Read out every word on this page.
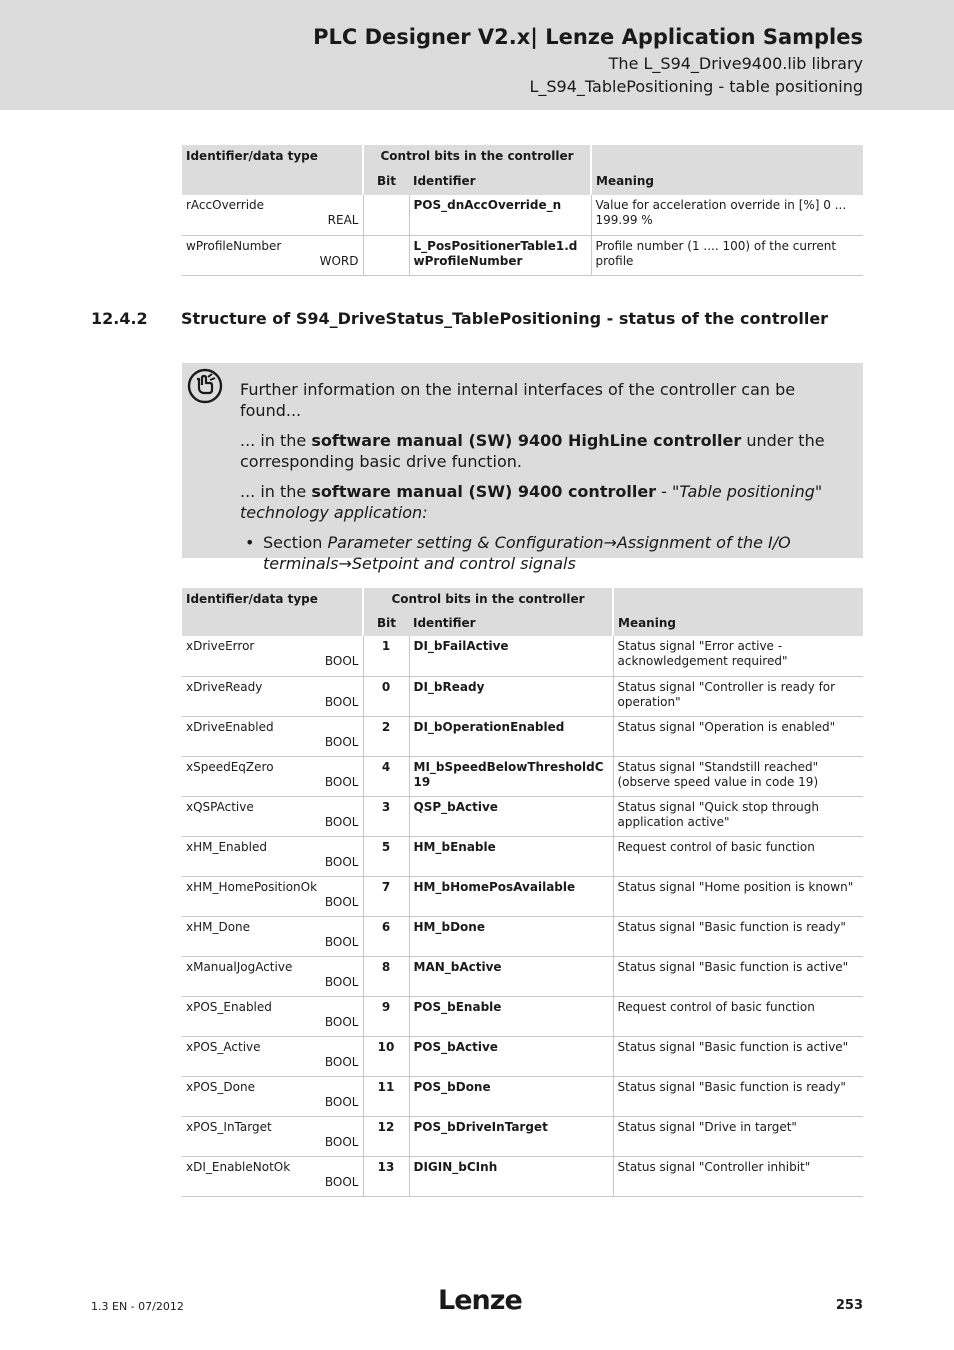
PLC Designer V2.x| Lenze Application Samples
The L_S94_Drive9400.lib library
L_S94_TablePositioning - table positioning
Identifier/data type	Control bits in the controller		
	Bit	Identifier	Meaning
rAccOverride
REAL		POS_dnAccOverride_n	Value for acceleration override in [%] 0 ... 199.99 %
wProfileNumber
WORD		L_PosPositionerTable1.dwProfileNumber	Profile number (1 .... 100) of the current profile
12.4.2 Structure of S94_DriveStatus_TablePositioning - status of the controller

Further information on the internal interfaces of the controller can be found...

... in the software manual (SW) 9400 HighLine controller under the corresponding basic drive function.

... in the software manual (SW) 9400 controller - "Table positioning" technology application:

• Section Parameter setting & Configuration→Assignment of the I/O terminals→Setpoint and control signals

Identifier/data type	Control bits in the controller		
	Bit	Identifier	Meaning
xDriveError
BOOL	1	DI_bFailActive	Status signal "Error active - acknowledgement required"
xDriveReady
BOOL	0	DI_bReady	Status signal "Controller is ready for operation"
xDriveEnabled
BOOL	2	DI_bOperationEnabled	Status signal "Operation is enabled"
xSpeedEqZero
BOOL	4	MI_bSpeedBelowThresholdC19	Status signal "Standstill reached" (observe speed value in code 19)
xQSPActive
BOOL	3	QSP_bActive	Status signal "Quick stop through application active"
xHM_Enabled
BOOL	5	HM_bEnable	Request control of basic function
xHM_HomePositionOk
BOOL	7	HM_bHomePosAvailable	Status signal "Home position is known"
xHM_Done
BOOL	6	HM_bDone	Status signal "Basic function is ready"
xManualJogActive
BOOL	8	MAN_bActive	Status signal "Basic function is active"
xPOS_Enabled
BOOL	9	POS_bEnable	Request control of basic function
xPOS_Active
BOOL	10	POS_bActive	Status signal "Basic function is active"
xPOS_Done
BOOL	11	POS_bDone	Status signal "Basic function is ready"
xPOS_InTarget
BOOL	12	POS_bDriveInTarget	Status signal "Drive in target"
xDI_EnableNotOk
BOOL	13	DIGIN_bCInh	Status signal "Controller inhibit"
1.3 EN - 07/2012	Lenze	253
